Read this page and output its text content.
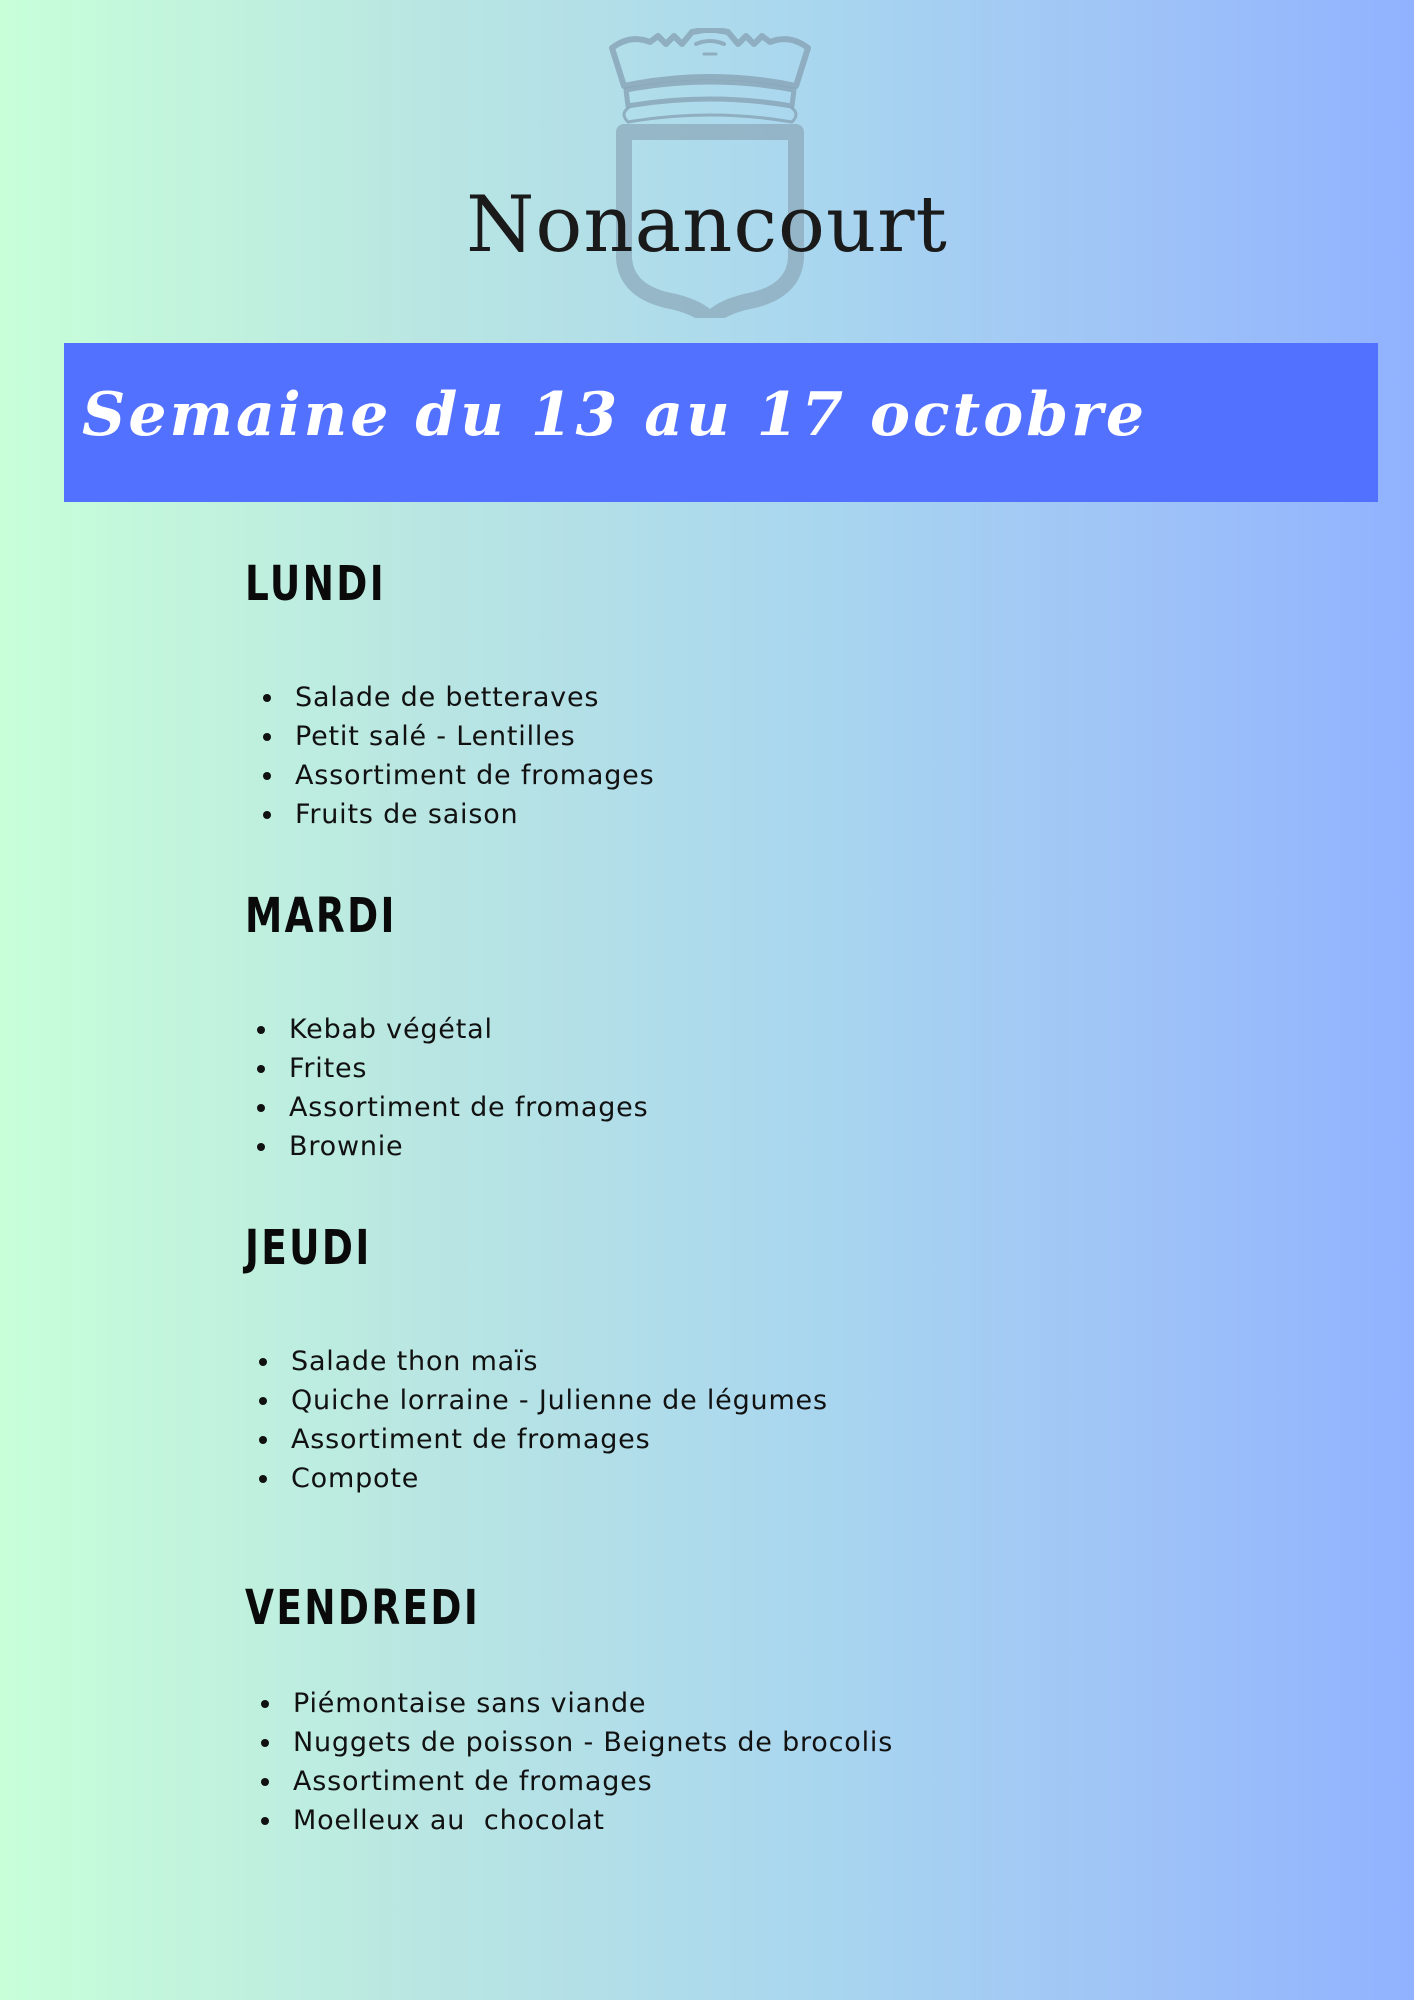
Nonancourt
Semaine du 13 au 17 octobre
LUNDI
Salade de betteraves
Petit salé - Lentilles
Assortiment de fromages
Fruits de saison
MARDI
Kebab végétal
Frites
Assortiment de fromages
Brownie
JEUDI
Salade thon maïs
Quiche lorraine - Julienne de légumes
Assortiment de fromages
Compote
VENDREDI
Piémontaise sans viande
Nuggets de poisson - Beignets de brocolis
Assortiment de fromages
Moelleux au  chocolat
